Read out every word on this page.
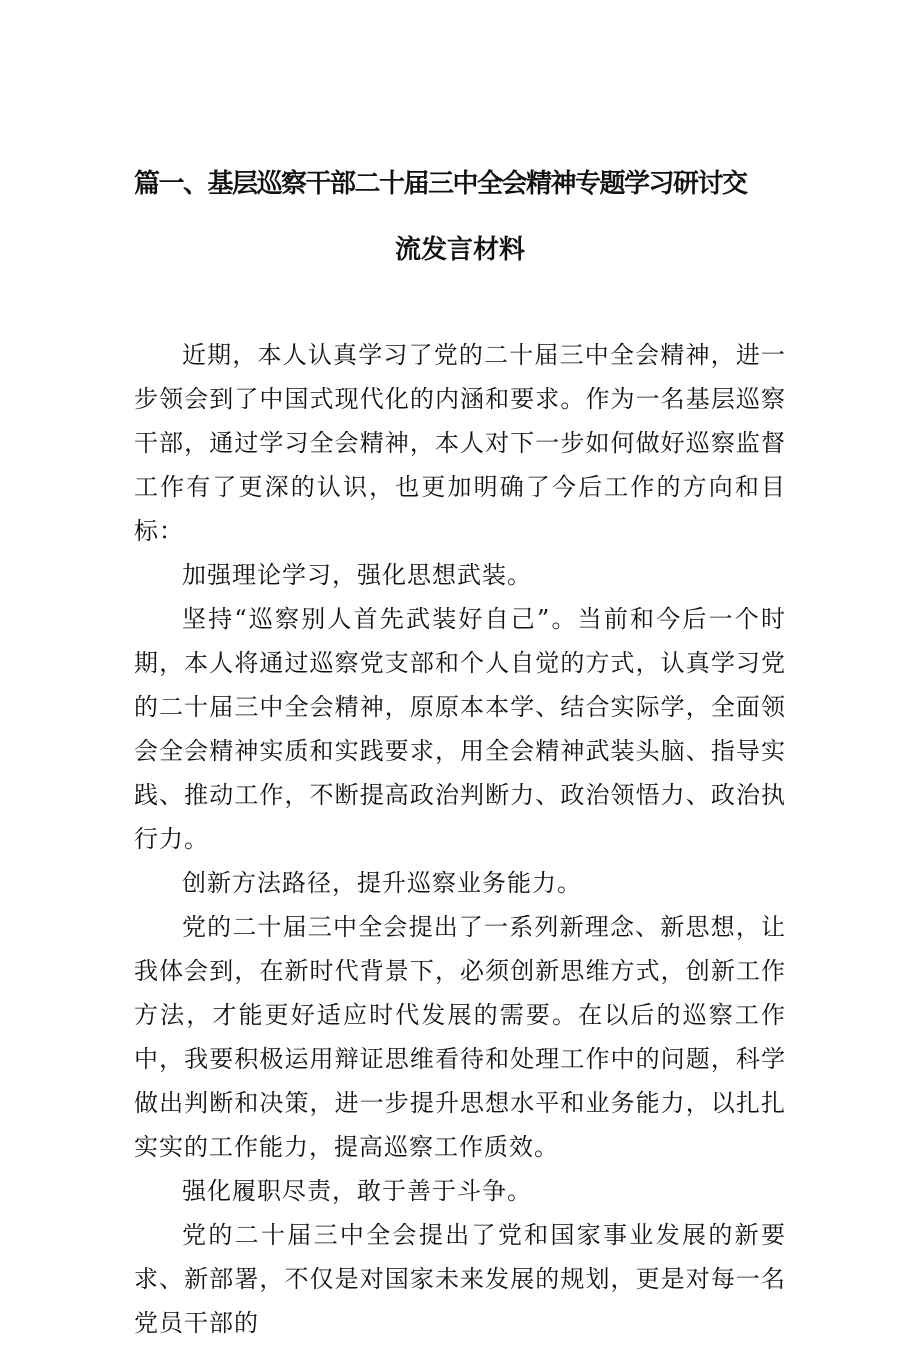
篇一、基层巡察干部二十届三中全会精神专题学习研讨交
流发言材料

近期，本人认真学习了党的二十届三中全会精神，进一步领会到了中国式现代化的内涵和要求。作为一名基层巡察干部，通过学习全会精神，本人对下一步如何做好巡察监督工作有了更深的认识，也更加明确了今后工作的方向和目标：

加强理论学习，强化思想武装。

坚持“巡察别人首先武装好自己”。当前和今后一个时期，本人将通过巡察党支部和个人自觉的方式，认真学习党的二十届三中全会精神，原原本本学、结合实际学，全面领会全会精神实质和实践要求，用全会精神武装头脑、指导实践、推动工作，不断提高政治判断力、政治领悟力、政治执行力。

创新方法路径，提升巡察业务能力。

党的二十届三中全会提出了一系列新理念、新思想，让我体会到，在新时代背景下，必须创新思维方式，创新工作方法，才能更好适应时代发展的需要。在以后的巡察工作中，我要积极运用辩证思维看待和处理工作中的问题，科学做出判断和决策，进一步提升思想水平和业务能力，以扎扎实实的工作能力，提高巡察工作质效。

强化履职尽责，敢于善于斗争。

党的二十届三中全会提出了党和国家事业发展的新要求、新部署，不仅是对国家未来发展的规划，更是对每一名党员干部的
